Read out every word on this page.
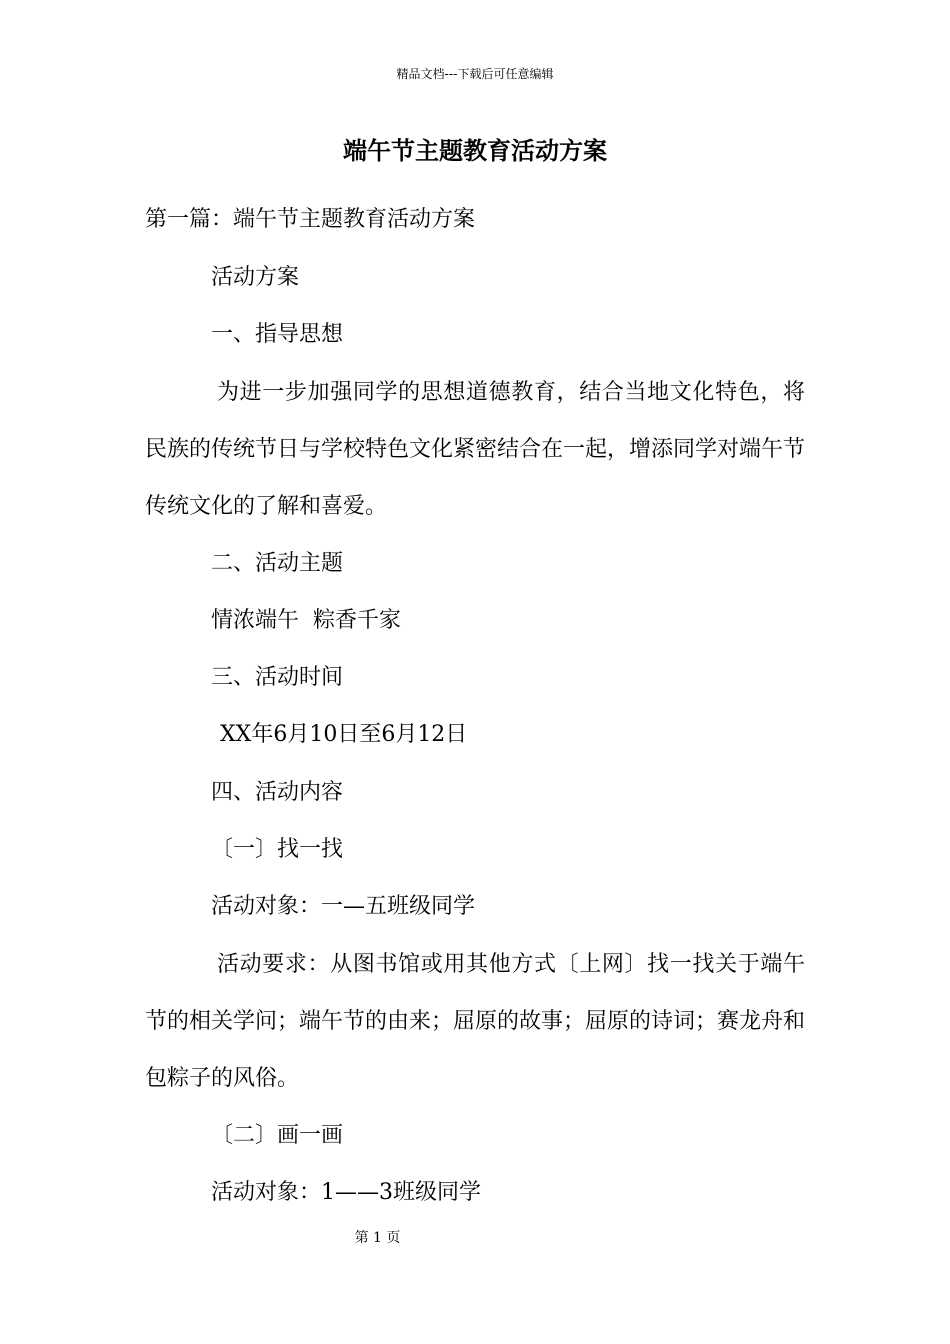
精品文档---下载后可任意编辑
端午节主题教育活动方案
第一篇：端午节主题教育活动方案
活动方案
一、指导思想
为进一步加强同学的思想道德教育，结合当地文化特色，将民族的传统节日与学校特色文化紧密结合在一起，增添同学对端午节传统文化的了解和喜爱。
二、活动主题
情浓端午  粽香千家
三、活动时间
XX年6月10日至6月12日
四、活动内容
〔一〕找一找
活动对象：一—五班级同学
活动要求：从图书馆或用其他方式〔上网〕找一找关于端午节的相关学问；端午节的由来；屈原的故事；屈原的诗词；赛龙舟和包粽子的风俗。
〔二〕画一画
活动对象：1——3班级同学
第 1 页
